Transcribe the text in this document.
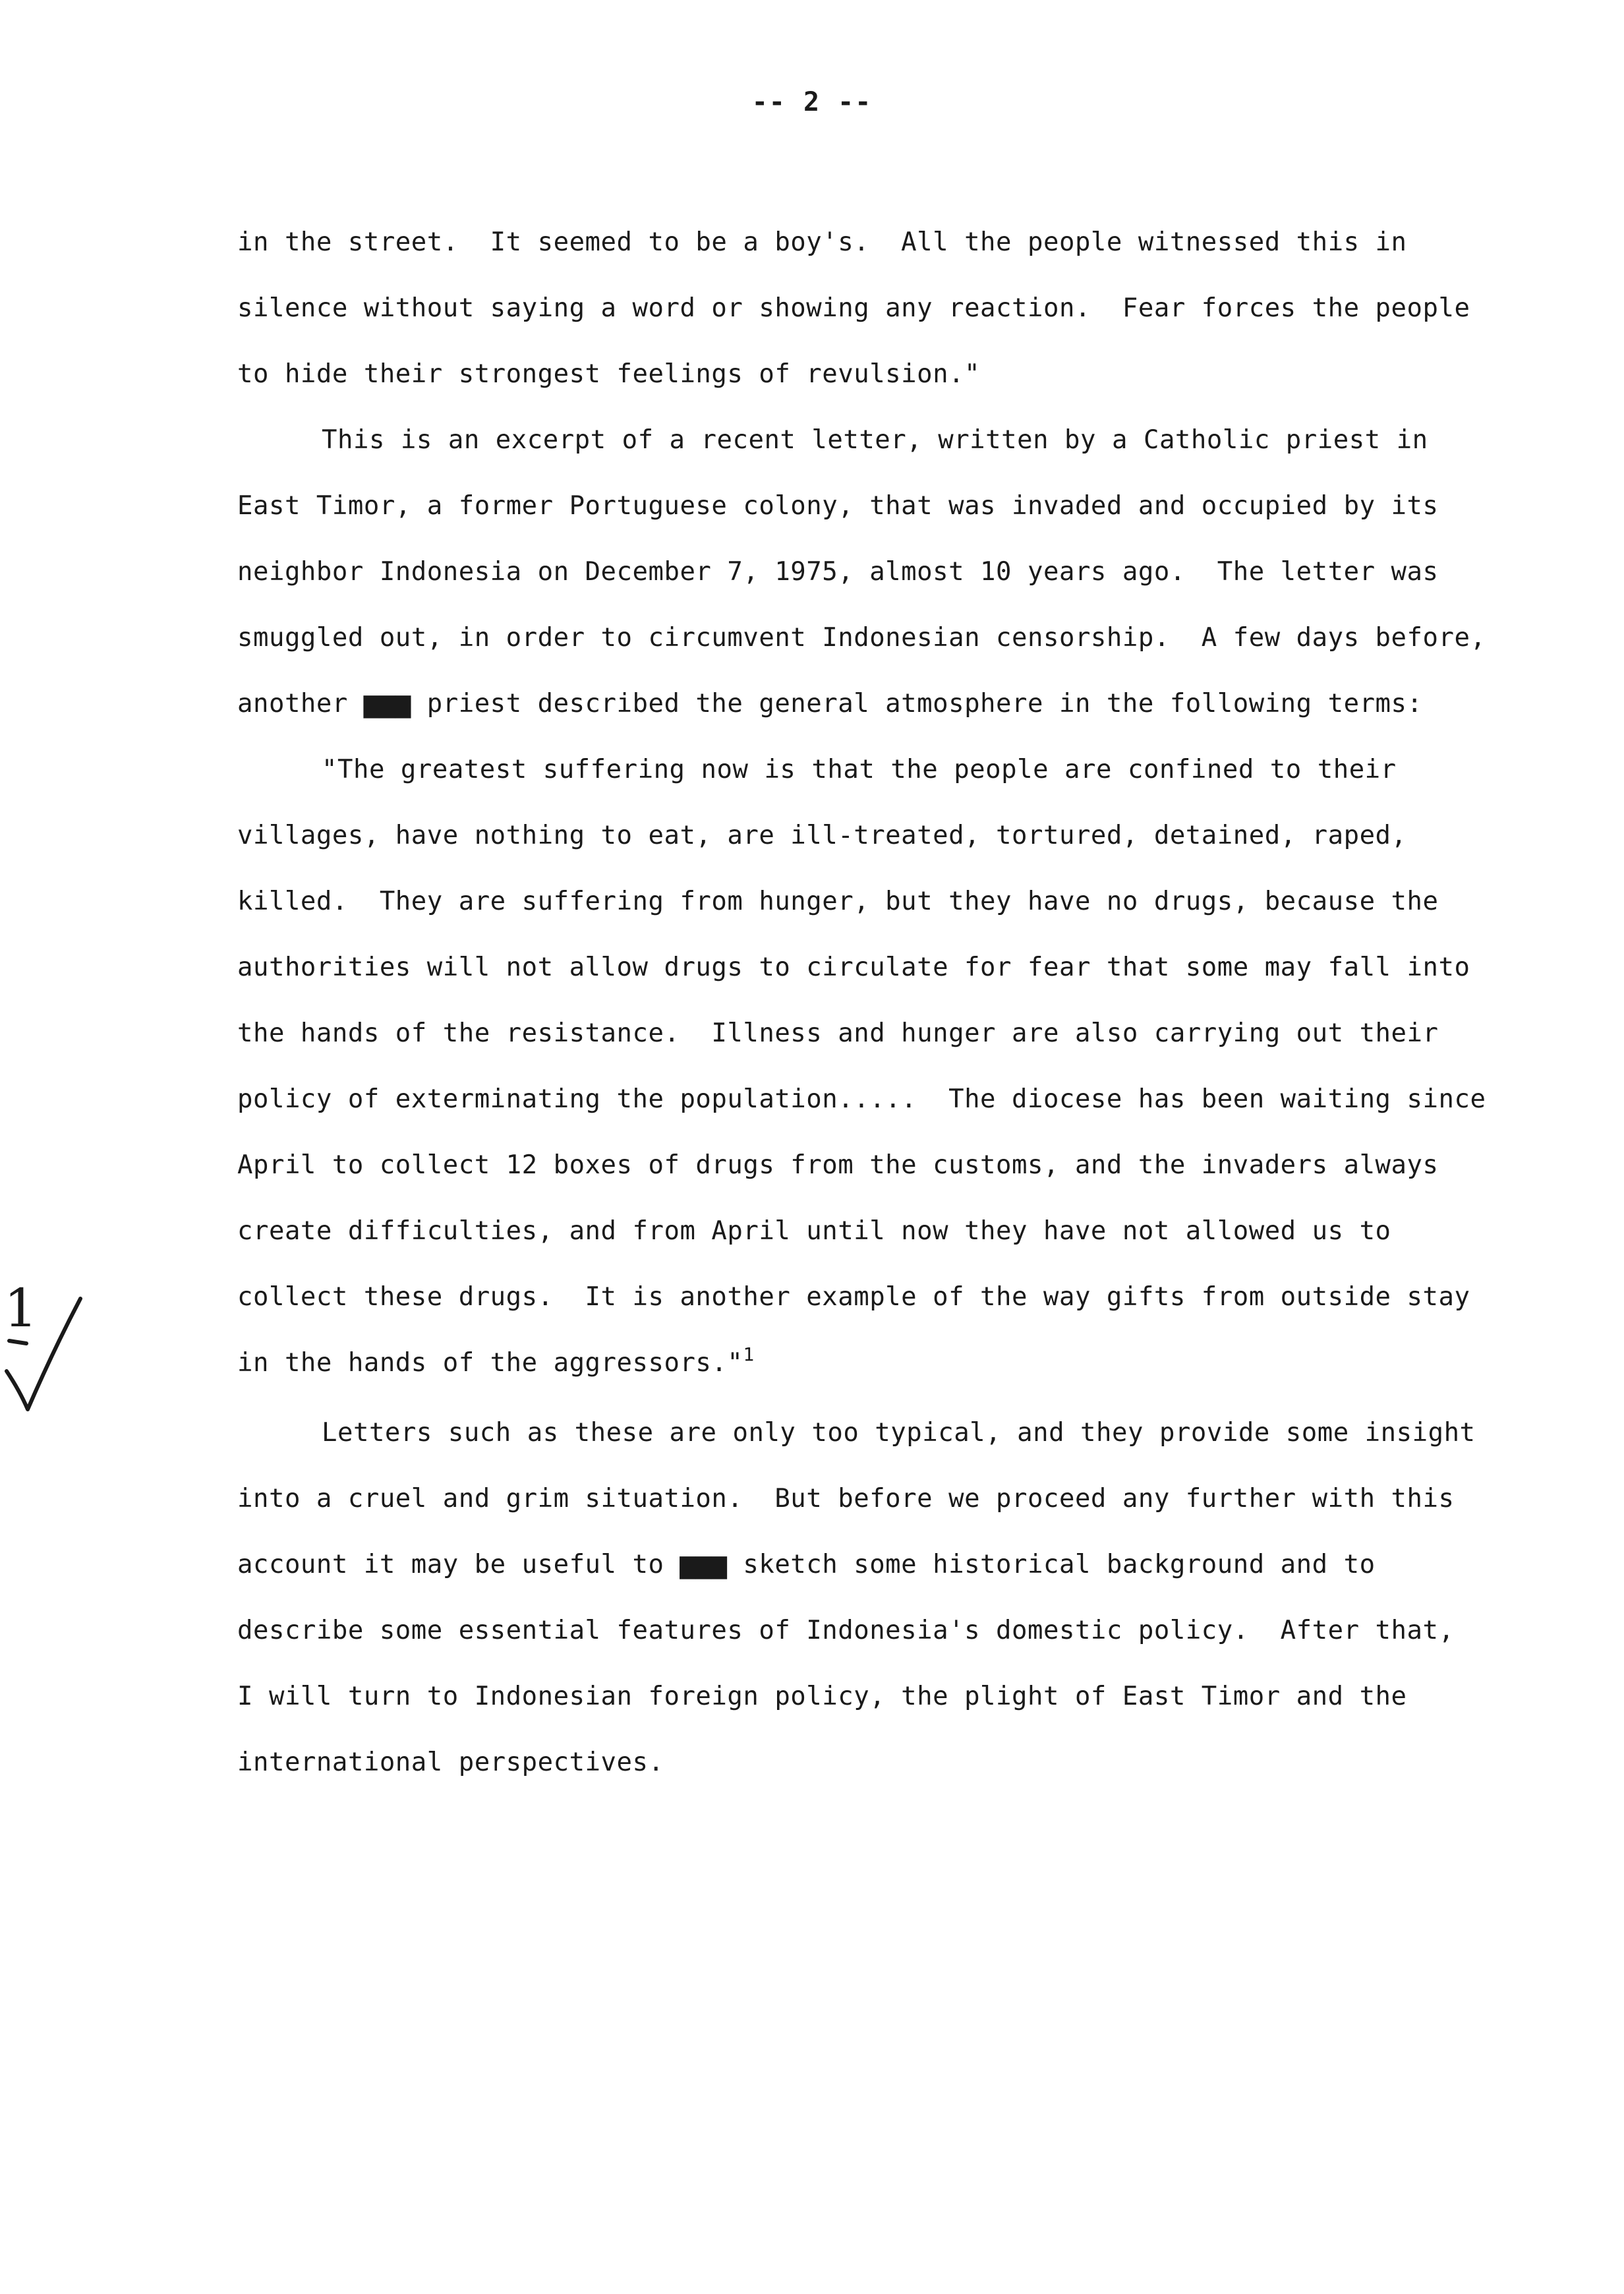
-- 2 --
in the street.  It seemed to be a boy's.  All the people witnessed this in
silence without saying a word or showing any reaction.  Fear forces the people
to hide their strongest feelings of revulsion."
This is an excerpt of a recent letter, written by a Catholic priest in
East Timor, a former Portuguese colony, that was invaded and occupied by its
neighbor Indonesia on December 7, 1975, almost 10 years ago.  The letter was
smuggled out, in order to circumvent Indonesian censorship.  A few days before,
another ▆▆▆ priest described the general atmosphere in the following terms:
"The greatest suffering now is that the people are confined to their
villages, have nothing to eat, are ill-treated, tortured, detained, raped,
killed.  They are suffering from hunger, but they have no drugs, because the
authorities will not allow drugs to circulate for fear that some may fall into
the hands of the resistance.  Illness and hunger are also carrying out their
policy of exterminating the population.....  The diocese has been waiting since
April to collect 12 boxes of drugs from the customs, and the invaders always
create difficulties, and from April until now they have not allowed us to
collect these drugs.  It is another example of the way gifts from outside stay
in the hands of the aggressors."$^1$
Letters such as these are only too typical, and they provide some insight
into a cruel and grim situation.  But before we proceed any further with this
account it may be useful to ▆▆▆ sketch some historical background and to
describe some essential features of Indonesia's domestic policy.  After that,
I will turn to Indonesian foreign policy, the plight of East Timor and the
international perspectives.
1
